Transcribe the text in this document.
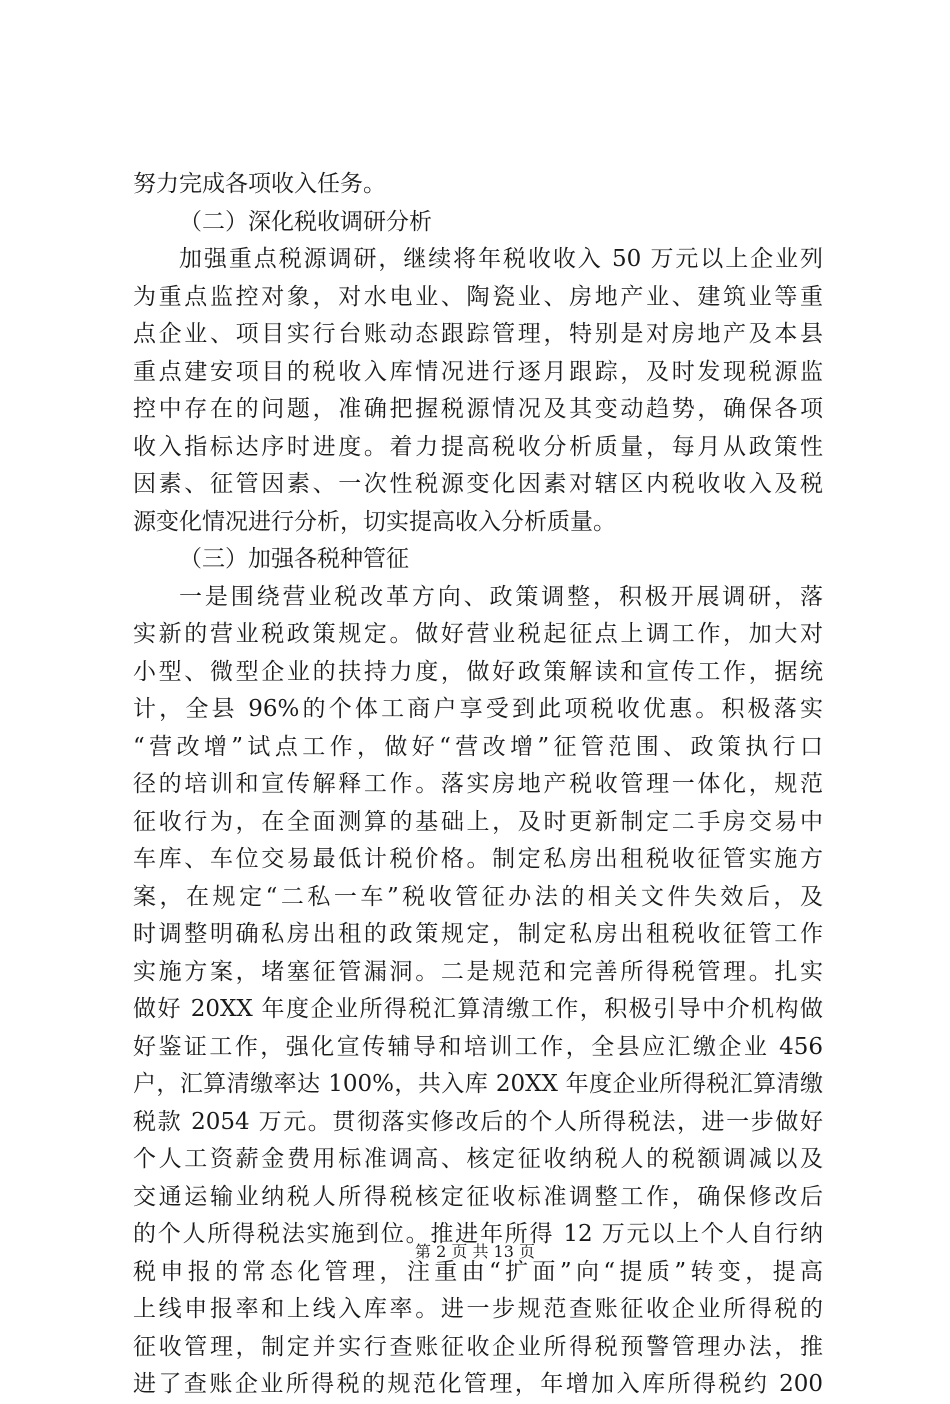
努力完成各项收入任务。
（二）深化税收调研分析
加强重点税源调研，继续将年税收收入 50 万元以上企业列
为重点监控对象，对水电业、陶瓷业、房地产业、建筑业等重
点企业、项目实行台账动态跟踪管理，特别是对房地产及本县
重点建安项目的税收入库情况进行逐月跟踪，及时发现税源监
控中存在的问题，准确把握税源情况及其变动趋势，确保各项
收入指标达序时进度。着力提高税收分析质量，每月从政策性
因素、征管因素、一次性税源变化因素对辖区内税收收入及税
源变化情况进行分析，切实提高收入分析质量。
（三）加强各税种管征
一是围绕营业税改革方向、政策调整，积极开展调研，落
实新的营业税政策规定。做好营业税起征点上调工作，加大对
小型、微型企业的扶持力度，做好政策解读和宣传工作，据统
计，全县 96%的个体工商户享受到此项税收优惠。积极落实
“营改增”试点工作，做好“营改增”征管范围、政策执行口
径的培训和宣传解释工作。落实房地产税收管理一体化，规范
征收行为，在全面测算的基础上，及时更新制定二手房交易中
车库、车位交易最低计税价格。制定私房出租税收征管实施方
案，在规定“二私一车”税收管征办法的相关文件失效后，及
时调整明确私房出租的政策规定，制定私房出租税收征管工作
实施方案，堵塞征管漏洞。二是规范和完善所得税管理。扎实
做好 20XX 年度企业所得税汇算清缴工作，积极引导中介机构做
好鉴证工作，强化宣传辅导和培训工作，全县应汇缴企业 456
户，汇算清缴率达 100%，共入库 20XX 年度企业所得税汇算清缴
税款 2054 万元。贯彻落实修改后的个人所得税法，进一步做好
个人工资薪金费用标准调高、核定征收纳税人的税额调减以及
交通运输业纳税人所得税核定征收标准调整工作，确保修改后
的个人所得税法实施到位。推进年所得 12 万元以上个人自行纳
税申报的常态化管理，注重由“扩面”向“提质”转变，提高
上线申报率和上线入库率。进一步规范查账征收企业所得税的
征收管理，制定并实行查账征收企业所得税预警管理办法，推
进了查账企业所得税的规范化管理，年增加入库所得税约 200
第 2 页 共 13 页
